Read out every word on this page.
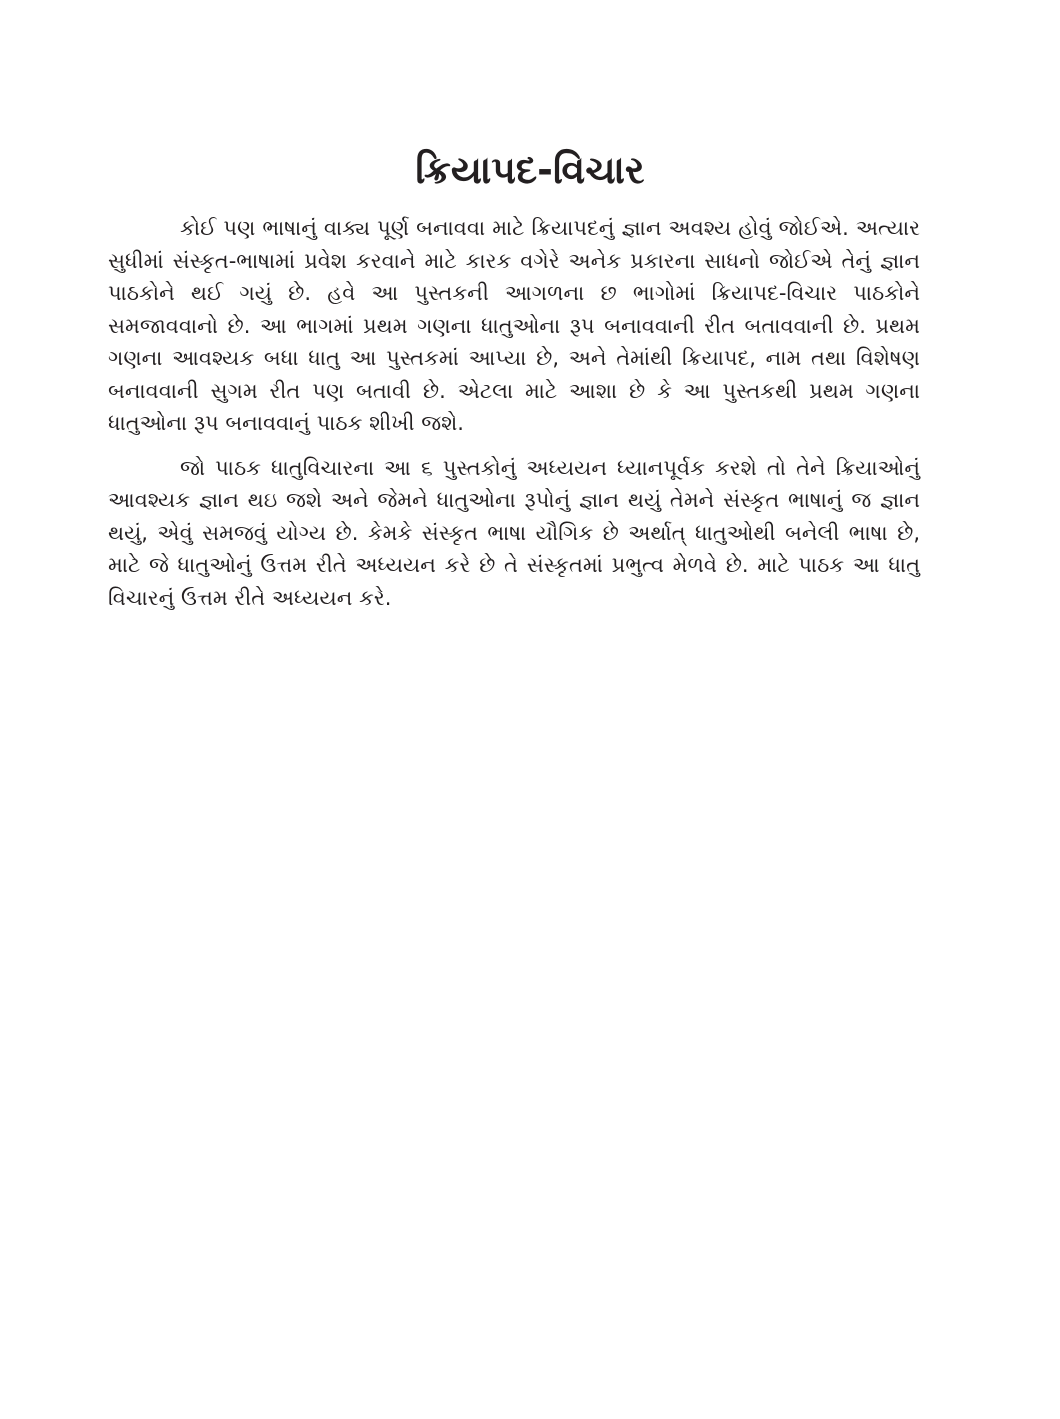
ક્રિયાપદ-વિચાર

કોઈ પણ ભાષાનું વાક્ય પૂર્ણ બનાવવા માટે ક્રિયાપદનું જ્ઞાન અવશ્ય હોવું જોઈએ. અત્યાર સુધીમાં સંસ્કૃત-ભાષામાં પ્રવેશ કરવાને માટે કારક વગેરે અનેક પ્રકારના સાધનો જોઈએ તેનું જ્ઞાન પાઠકોને થઈ ગયું છે. હવે આ પુસ્તકની આગળના છ ભાગોમાં ક્રિયાપદ-વિચાર પાઠકોને સમજાવવાનો છે. આ ભાગમાં પ્રથમ ગણના ધાતુઓના રૂપ બનાવવાની રીત બતાવવાની છે. પ્રથમ ગણના આવશ્યક બધા ધાતુ આ પુસ્તકમાં આપ્યા છે, અને તેમાંથી ક્રિયાપદ, નામ તથા વિશેષણ બનાવવાની સુગમ રીત પણ બતાવી છે. એટલા માટે આશા છે કે આ પુસ્તકથી પ્રથમ ગણના ધાતુઓના રૂપ બનાવવાનું પાઠક શીખી જશે.

જો પાઠક ધાતુવિચારના આ ૬ પુસ્તકોનું અધ્યયન ધ્યાનપૂર્વક કરશે તો તેને ક્રિયાઓનું આવશ્યક જ્ઞાન થઇ જશે અને જેમને ધાતુઓના રૂપોનું જ્ઞાન થયું તેમને સંસ્કૃત ભાષાનું જ જ્ઞાન થયું, એવું સમજવું યોગ્ય છે. કેમકે સંસ્કૃત ભાષા યૌગિક છે અર્થાત્ ધાતુઓથી બનેલી ભાષા છે, માટે જે ધાતુઓનું ઉત્તમ રીતે અધ્યયન કરે છે તે સંસ્કૃતમાં પ્રભુત્વ મેળવે છે. માટે પાઠક આ ધાતુ વિચારનું ઉત્તમ રીતે અધ્યયન કરે.
